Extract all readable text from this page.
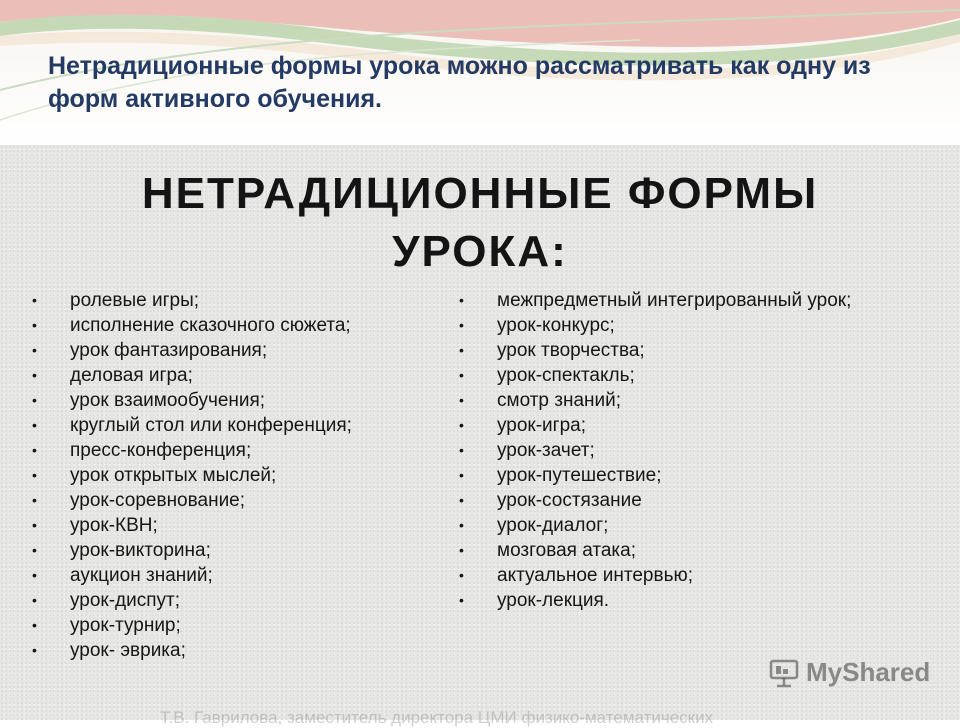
Нетрадиционные формы урока можно рассматривать как одну из форм активного обучения.
НЕТРАДИЦИОННЫЕ ФОРМЫ
УРОКА:
• ролевые игры;
• исполнение сказочного сюжета;
• урок фантазирования;
• деловая игра;
• урок взаимообучения;
• круглый стол или конференция;
• пресс-конференция;
• урок открытых мыслей;
• урок-соревнование;
• урок-КВН;
• урок-викторина;
• аукцион знаний;
• урок-диспут;
• урок-турнир;
• урок- эврика;
• межпредметный интегрированный урок;
• урок-конкурс;
• урок творчества;
• урок-спектакль;
• смотр знаний;
• урок-игра;
• урок-зачет;
• урок-путешествие;
• урок-состязание
• урок-диалог;
• мозговая атака;
• актуальное интервью;
• урок-лекция.
MyShared
Т.В. Гаврилова, заместитель директора ЦМИ физико-математических
